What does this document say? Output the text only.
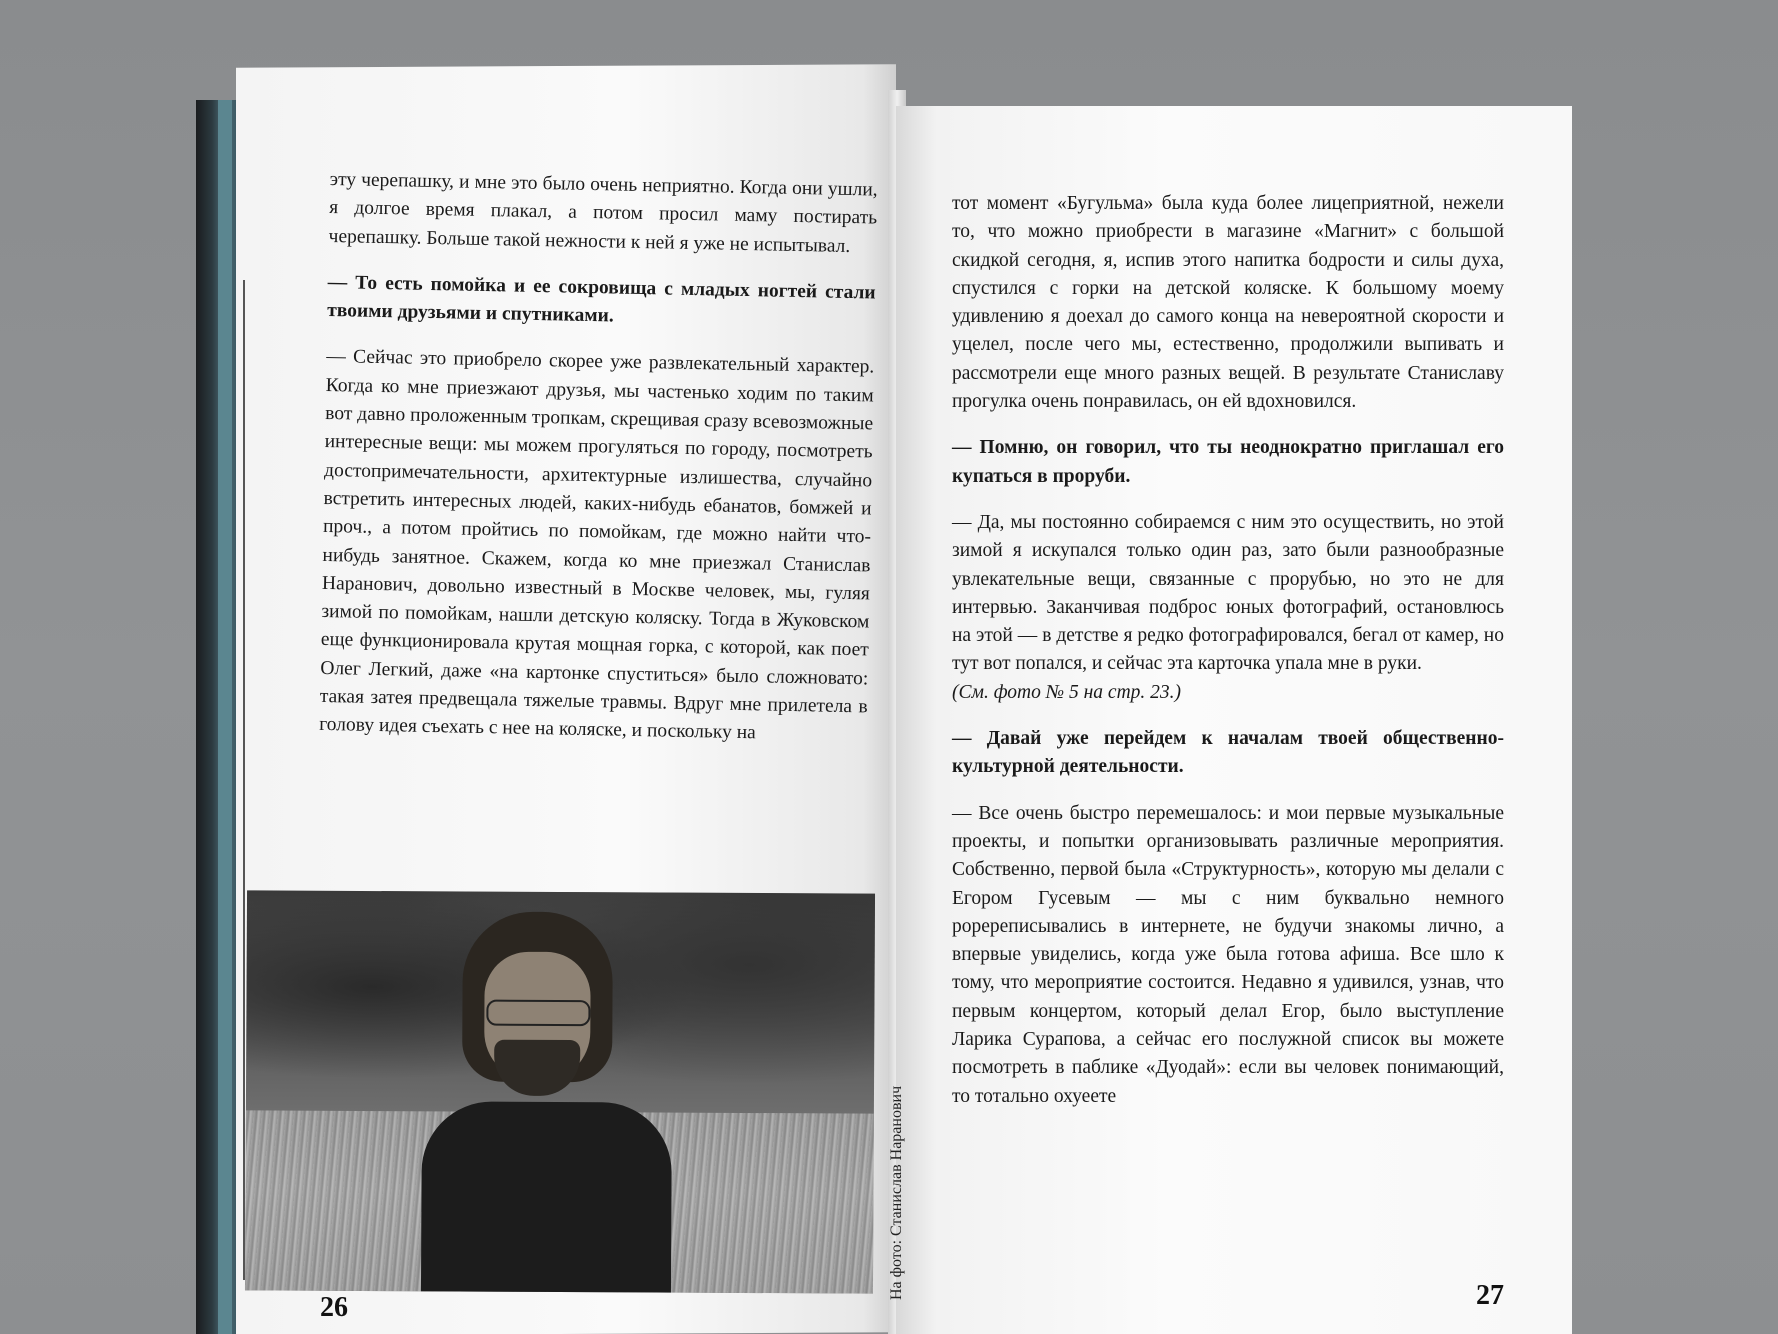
эту черепашку, и мне это было очень неприятно. Когда они ушли, я долгое время плакал, а потом просил маму постирать черепашку. Больше такой нежности к ней я уже не испытывал.

— То есть помойка и ее сокровища с младых ногтей стали твоими друзьями и спутниками.

— Сейчас это приобрело скорее уже развлекательный характер. Когда ко мне приезжают друзья, мы частенько ходим по таким вот давно проложенным тропкам, скрещивая сразу всевозможные интересные вещи: мы можем прогуляться по городу, посмотреть достопримечательности, архитектурные излишества, случайно встретить интересных людей, каких-нибудь ебанатов, бомжей и проч., а потом пройтись по помойкам, где можно найти что-нибудь занятное. Скажем, когда ко мне приезжал Станислав Наранович, довольно известный в Москве человек, мы, гуляя зимой по помойкам, нашли детскую коляску. Тогда в Жуковском еще функционировала крутая мощная горка, с которой, как поет Олег Легкий, даже «на картонке спуститься» было сложновато: такая затея предвещала тяжелые травмы. Вдруг мне прилетела в голову идея съехать с нее на коляске, и поскольку на

На фото: Станислав Наранович
26

тот момент «Бугульма» была куда более лицеприятной, нежели то, что можно приобрести в магазине «Магнит» с большой скидкой сегодня, я, испив этого напитка бодрости и силы духа, спустился с горки на детской коляске. К большому моему удивлению я доехал до самого конца на невероятной скорости и уцелел, после чего мы, естественно, продолжили выпивать и рассмотрели еще много разных вещей. В результате Станиславу прогулка очень понравилась, он ей вдохновился.

— Помню, он говорил, что ты неоднократно приглашал его купаться в проруби.

— Да, мы постоянно собираемся с ним это осуществить, но этой зимой я искупался только один раз, зато были разнообразные увлекательные вещи, связанные с прорубью, но это не для интервью. Заканчивая подброс юных фотографий, остановлюсь на этой — в детстве я редко фотографировался, бегал от камер, но тут вот попался, и сейчас эта карточка упала мне в руки.
(См. фото № 5 на стр. 23.)

— Давай уже перейдем к началам твоей общественно-культурной деятельности.

— Все очень быстро перемешалось: и мои первые музыкальные проекты, и попытки организовывать различные мероприятия. Собственно, первой была «Структурность», которую мы делали с Егором Гусевым — мы с ним буквально немного popереписывались в интернете, не будучи знакомы лично, а впервые увиделись, когда уже была готова афиша. Все шло к тому, что мероприятие состоится. Недавно я удивился, узнав, что первым концертом, который делал Егор, было выступление Ларика Сурапова, а сейчас его послужной список вы можете посмотреть в паблике «Дуодай»: если вы человек понимающий, то тотально охуеете

27
